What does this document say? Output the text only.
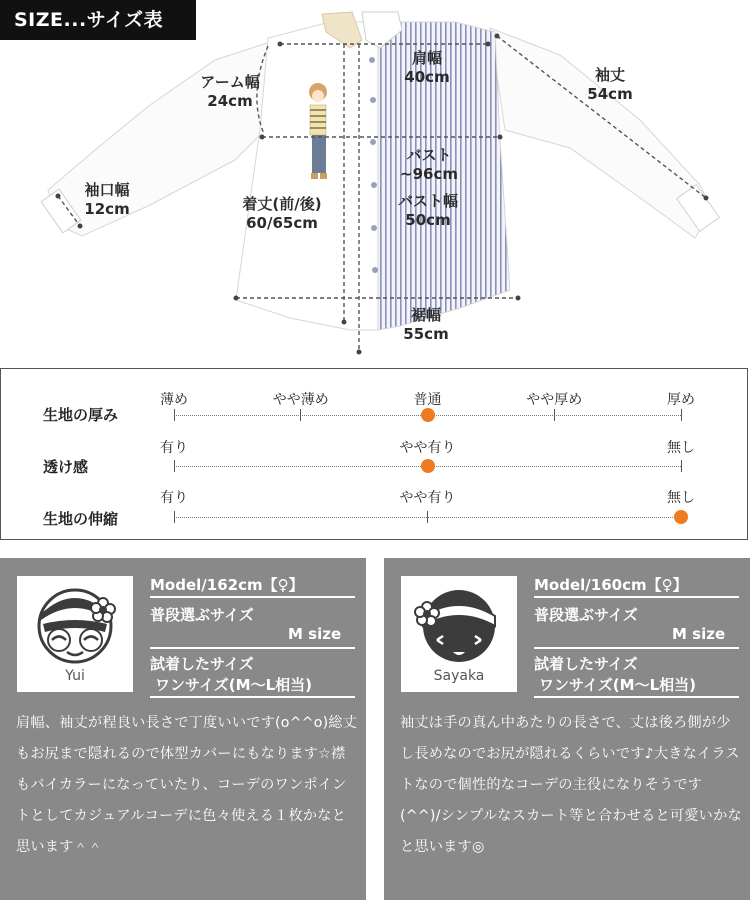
SIZE...サイズ表
肩幅
40cm	袖丈
54cm
アーム幅
24cm
袖口幅
12cm
バスト
~96cm
バスト幅
50cm
着丈(前/後)
60/65cm
裾幅
55cm
生地の厚み
薄め	やや薄め	普通	やや厚め	厚め
透け感
有り	やや有り	無し
生地の伸縮
有り	やや有り	無し
Yui
Model/162cm【♀】
普段選ぶサイズ
M size
試着したサイズ
ワンサイズ(M〜L相当)
肩幅、袖丈が程良い長さで丁度いいです(o^^o)総丈もお尻まで隠れるので体型カバーにもなります☆襟もバイカラーになっていたり、コーデのワンポイントとしてカジュアルコーデに色々使える１枚かなと思います＾＾
Sayaka
Model/160cm【♀】
普段選ぶサイズ
M size
試着したサイズ
ワンサイズ(M〜L相当)
袖丈は手の真ん中あたりの長さで、丈は後ろ側が少し長めなのでお尻が隠れるくらいです♪大きなイラストなので個性的なコーデの主役になりそうです(^^)/シンプルなスカート等と合わせると可愛いかなと思います◎
